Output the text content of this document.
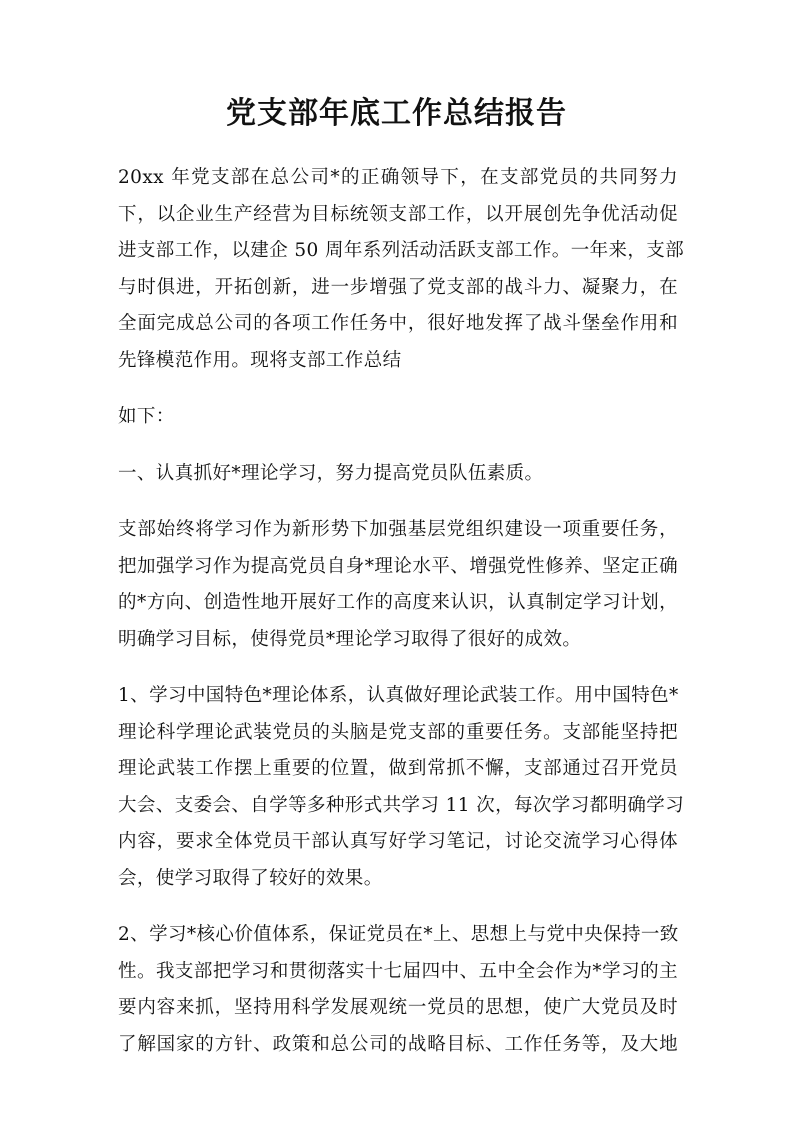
党支部年底工作总结报告
20xx 年党支部在总公司*的正确领导下，在支部党员的共同努力
下，以企业生产经营为目标统领支部工作，以开展创先争优活动促
进支部工作，以建企 50 周年系列活动活跃支部工作。一年来，支部
与时俱进，开拓创新，进一步增强了党支部的战斗力、凝聚力，在
全面完成总公司的各项工作任务中，很好地发挥了战斗堡垒作用和
先锋模范作用。现将支部工作总结
如下：
一、认真抓好*理论学习，努力提高党员队伍素质。
支部始终将学习作为新形势下加强基层党组织建设一项重要任务，
把加强学习作为提高党员自身*理论水平、增强党性修养、坚定正确
的*方向、创造性地开展好工作的高度来认识，认真制定学习计划，
明确学习目标，使得党员*理论学习取得了很好的成效。
1、学习中国特色*理论体系，认真做好理论武装工作。用中国特色*
理论科学理论武装党员的头脑是党支部的重要任务。支部能坚持把
理论武装工作摆上重要的位置，做到常抓不懈，支部通过召开党员
大会、支委会、自学等多种形式共学习 11 次，每次学习都明确学习
内容，要求全体党员干部认真写好学习笔记，讨论交流学习心得体
会，使学习取得了较好的效果。
2、学习*核心价值体系，保证党员在*上、思想上与党中央保持一致
性。我支部把学习和贯彻落实十七届四中、五中全会作为*学习的主
要内容来抓，坚持用科学发展观统一党员的思想，使广大党员及时
了解国家的方针、政策和总公司的战略目标、工作任务等，及大地
